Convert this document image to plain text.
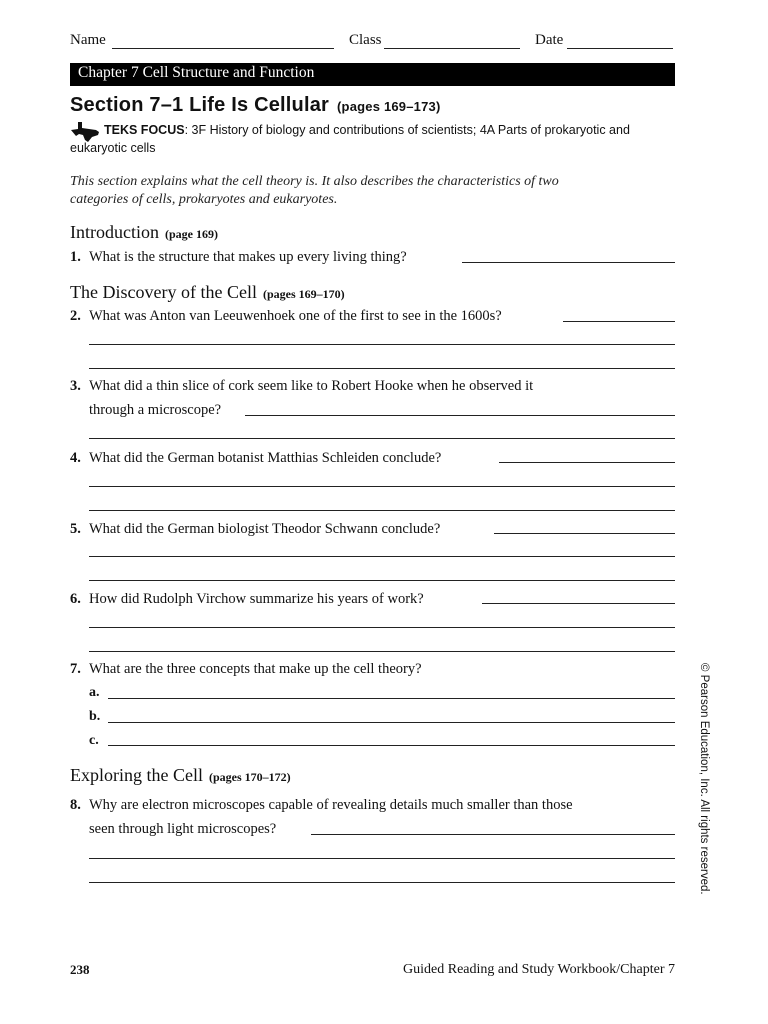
Name	Class	Date
Chapter 7 Cell Structure and Function
Section 7–1 Life Is Cellular (pages 169–173)
TEKS FOCUS: 3F History of biology and contributions of scientists; 4A Parts of prokaryotic and eukaryotic cells
This section explains what the cell theory is. It also describes the characteristics of two categories of cells, prokaryotes and eukaryotes.
Introduction (page 169)
1. What is the structure that makes up every living thing?
The Discovery of the Cell (pages 169–170)
2. What was Anton van Leeuwenhoek one of the first to see in the 1600s?
3. What did a thin slice of cork seem like to Robert Hooke when he observed it
through a microscope?
4. What did the German botanist Matthias Schleiden conclude?
5. What did the German biologist Theodor Schwann conclude?
6. How did Rudolph Virchow summarize his years of work?
7. What are the three concepts that make up the cell theory?
a.
b.
c.
Exploring the Cell (pages 170–172)
8. Why are electron microscopes capable of revealing details much smaller than those
seen through light microscopes?	© Pearson Education, Inc. All rights reserved.
238	Guided Reading and Study Workbook/Chapter 7
